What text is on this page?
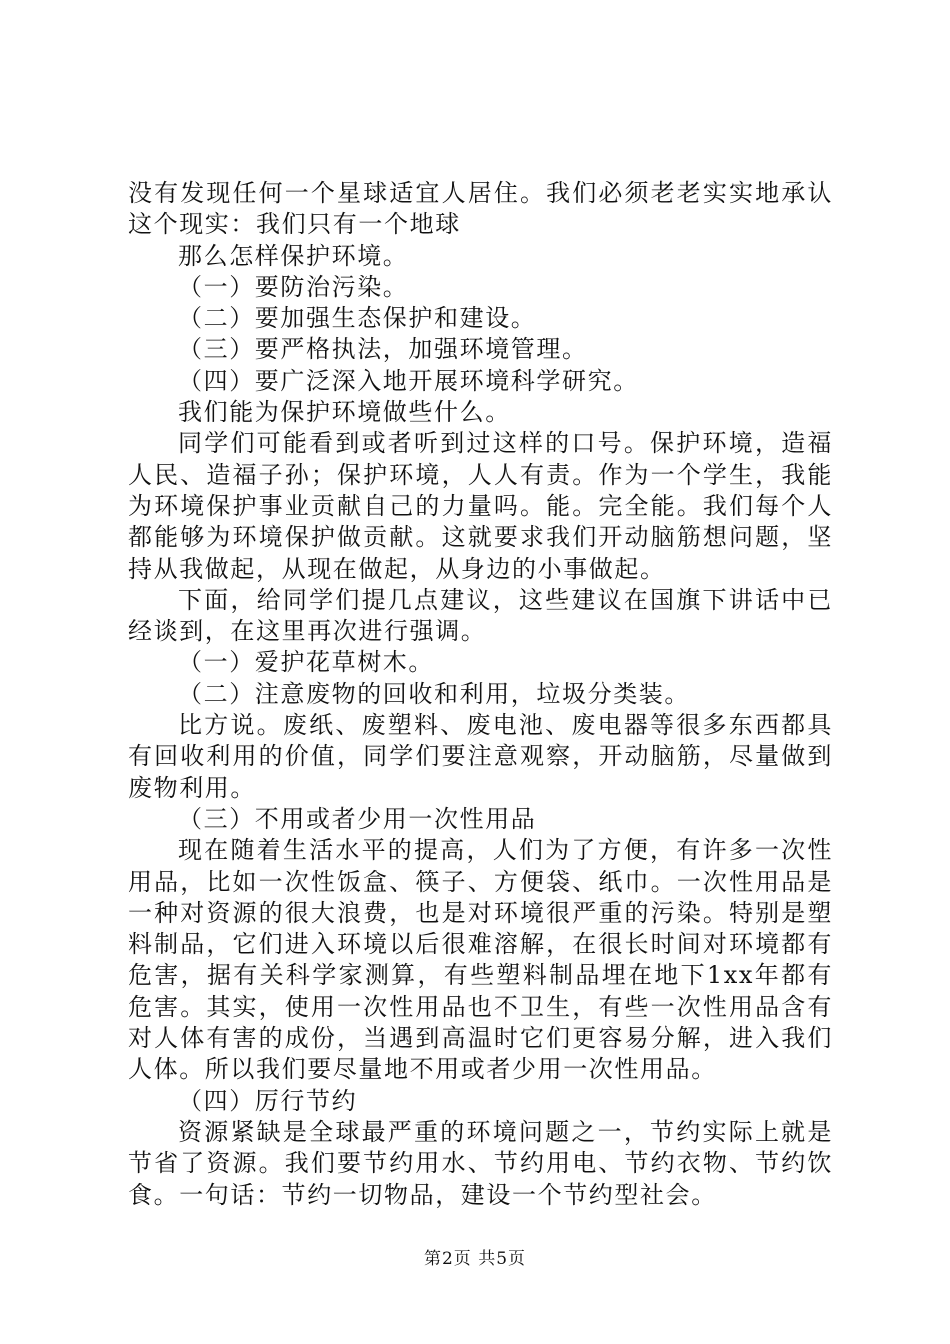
没有发现任何一个星球适宜人居住。我们必须老老实实地承认这个现实：我们只有一个地球

那么怎样保护环境。

（一）要防治污染。

（二）要加强生态保护和建设。

（三）要严格执法，加强环境管理。

（四）要广泛深入地开展环境科学研究。

我们能为保护环境做些什么。

同学们可能看到或者听到过这样的口号。保护环境，造福人民、造福子孙；保护环境，人人有责。作为一个学生，我能为环境保护事业贡献自己的力量吗。能。完全能。我们每个人都能够为环境保护做贡献。这就要求我们开动脑筋想问题，坚持从我做起，从现在做起，从身边的小事做起。

下面，给同学们提几点建议，这些建议在国旗下讲话中已经谈到，在这里再次进行强调。

（一）爱护花草树木。

（二）注意废物的回收和利用，垃圾分类装。

比方说。废纸、废塑料、废电池、废电器等很多东西都具有回收利用的价值，同学们要注意观察，开动脑筋，尽量做到废物利用。

（三）不用或者少用一次性用品

现在随着生活水平的提高，人们为了方便，有许多一次性用品，比如一次性饭盒、筷子、方便袋、纸巾。一次性用品是一种对资源的很大浪费，也是对环境很严重的污染。特别是塑料制品，它们进入环境以后很难溶解，在很长时间对环境都有危害，据有关科学家测算，有些塑料制品埋在地下1xx年都有危害。其实，使用一次性用品也不卫生，有些一次性用品含有对人体有害的成份，当遇到高温时它们更容易分解，进入我们人体。所以我们要尽量地不用或者少用一次性用品。

（四）厉行节约

资源紧缺是全球最严重的环境问题之一，节约实际上就是节省了资源。我们要节约用水、节约用电、节约衣物、节约饮食。一句话：节约一切物品，建设一个节约型社会。

第2页 共5页
